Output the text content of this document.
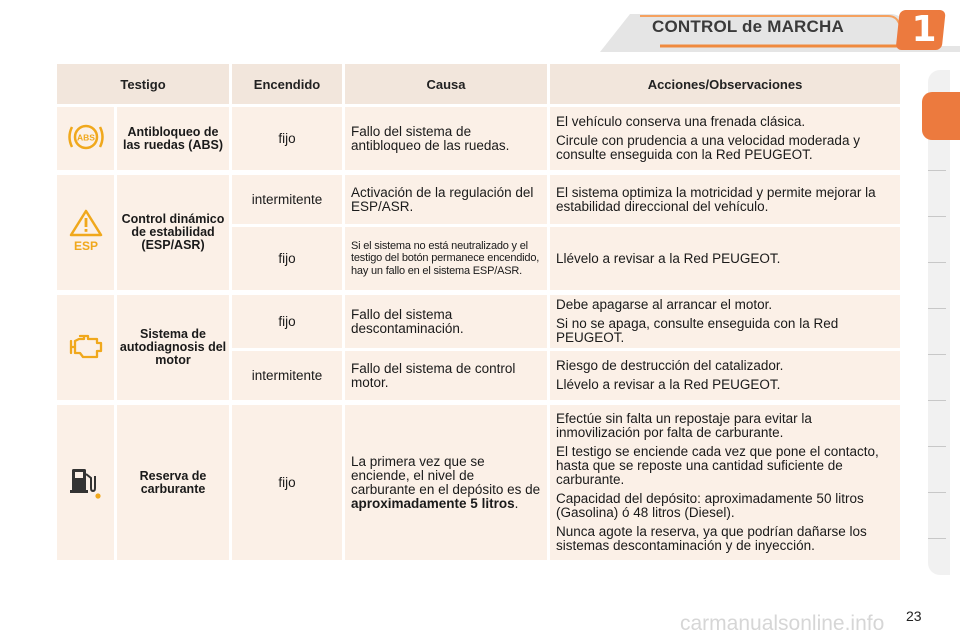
CONTROL de MARCHA 1
Testigo		Encendido	Causa	Acciones/Observaciones

ABS	Antibloqueo de las ruedas (ABS)	fijo	Fallo del sistema de antibloqueo de las ruedas.	El vehículo conserva una frenada clásica.

Circule con prudencia a una velocidad moderada y consulte enseguida con la Red PEUGEOT.

ESP	Control dinámico de estabilidad (ESP/ASR)	intermitente	Activación de la regulación del ESP/ASR.	El sistema optimiza la motricidad y permite mejorar la estabilidad direccional del vehículo.
		fijo	Si el sistema no está neutralizado y el testigo del botón permanece encendido, hay un fallo en el sistema ESP/ASR.	Llévelo a revisar a la Red PEUGEOT.

	Sistema de autodiagnosis del motor	fijo	Fallo del sistema descontaminación.	Debe apagarse al arrancar el motor.

Si no se apaga, consulte enseguida con la Red PEUGEOT.

		intermitente	Fallo del sistema de control motor.	Riesgo de destrucción del catalizador.

Llévelo a revisar a la Red PEUGEOT.

	Reserva de carburante	fijo	La primera vez que se enciende, el nivel de carburante en el depósito es de aproximadamente 5 litros.	Efectúe sin falta un repostaje para evitar la inmovilización por falta de carburante.

El testigo se enciende cada vez que pone el contacto, hasta que se reposte una cantidad suficiente de carburante.

Capacidad del depósito: aproximadamente 50 litros (Gasolina) ó 48 litros (Diesel).

Nunca agote la reserva, ya que podrían dañarse los sistemas descontaminación y de inyección.

carmanualsonline.info 23
